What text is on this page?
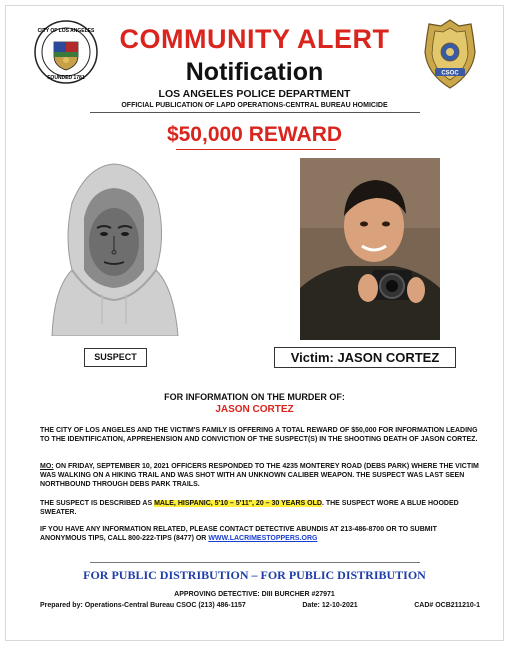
CITY OF LOS ANGELES
FOUNDED 1781
CSOC
COMMUNITY ALERT
Notification
LOS ANGELES POLICE DEPARTMENT
OFFICIAL PUBLICATION OF LAPD OPERATIONS-CENTRAL BUREAU HOMICIDE
$50,000 REWARD
SUSPECT	Victim: JASON CORTEZ
FOR INFORMATION ON THE MURDER OF:
JASON CORTEZ

THE CITY OF LOS ANGELES AND THE VICTIM'S FAMILY IS OFFERING A TOTAL REWARD OF $50,000 FOR INFORMATION LEADING TO THE IDENTIFICATION, APPREHENSION AND CONVICTION OF THE SUSPECT(S) IN THE SHOOTING DEATH OF JASON CORTEZ.

MO: ON FRIDAY, SEPTEMBER 10, 2021 OFFICERS RESPONDED TO THE 4235 MONTEREY ROAD (DEBS PARK) WHERE THE VICTIM WAS WALKING ON A HIKING TRAIL AND WAS SHOT WITH AN UNKNOWN CALIBER WEAPON. THE SUSPECT WAS LAST SEEN NORTHBOUND THROUGH DEBS PARK TRAILS.

THE SUSPECT IS DESCRIBED AS MALE, HISPANIC, 5'10 – 5'11", 20 – 30 YEARS OLD. THE SUSPECT WORE A BLUE HOODED SWEATER.

IF YOU HAVE ANY INFORMATION RELATED, PLEASE CONTACT DETECTIVE ABUNDIS AT 213-486-8700 OR TO SUBMIT ANONYMOUS TIPS, CALL 800-222-TIPS (8477) OR WWW.LACRIMESTOPPERS.ORG

FOR PUBLIC DISTRIBUTION – FOR PUBLIC DISTRIBUTION
APPROVING DETECTIVE: DIII BURCHER #27971
Prepared by: Operations-Central Bureau CSOC (213) 486-1157	Date: 12-10-2021	CAD# OCB211210-1
